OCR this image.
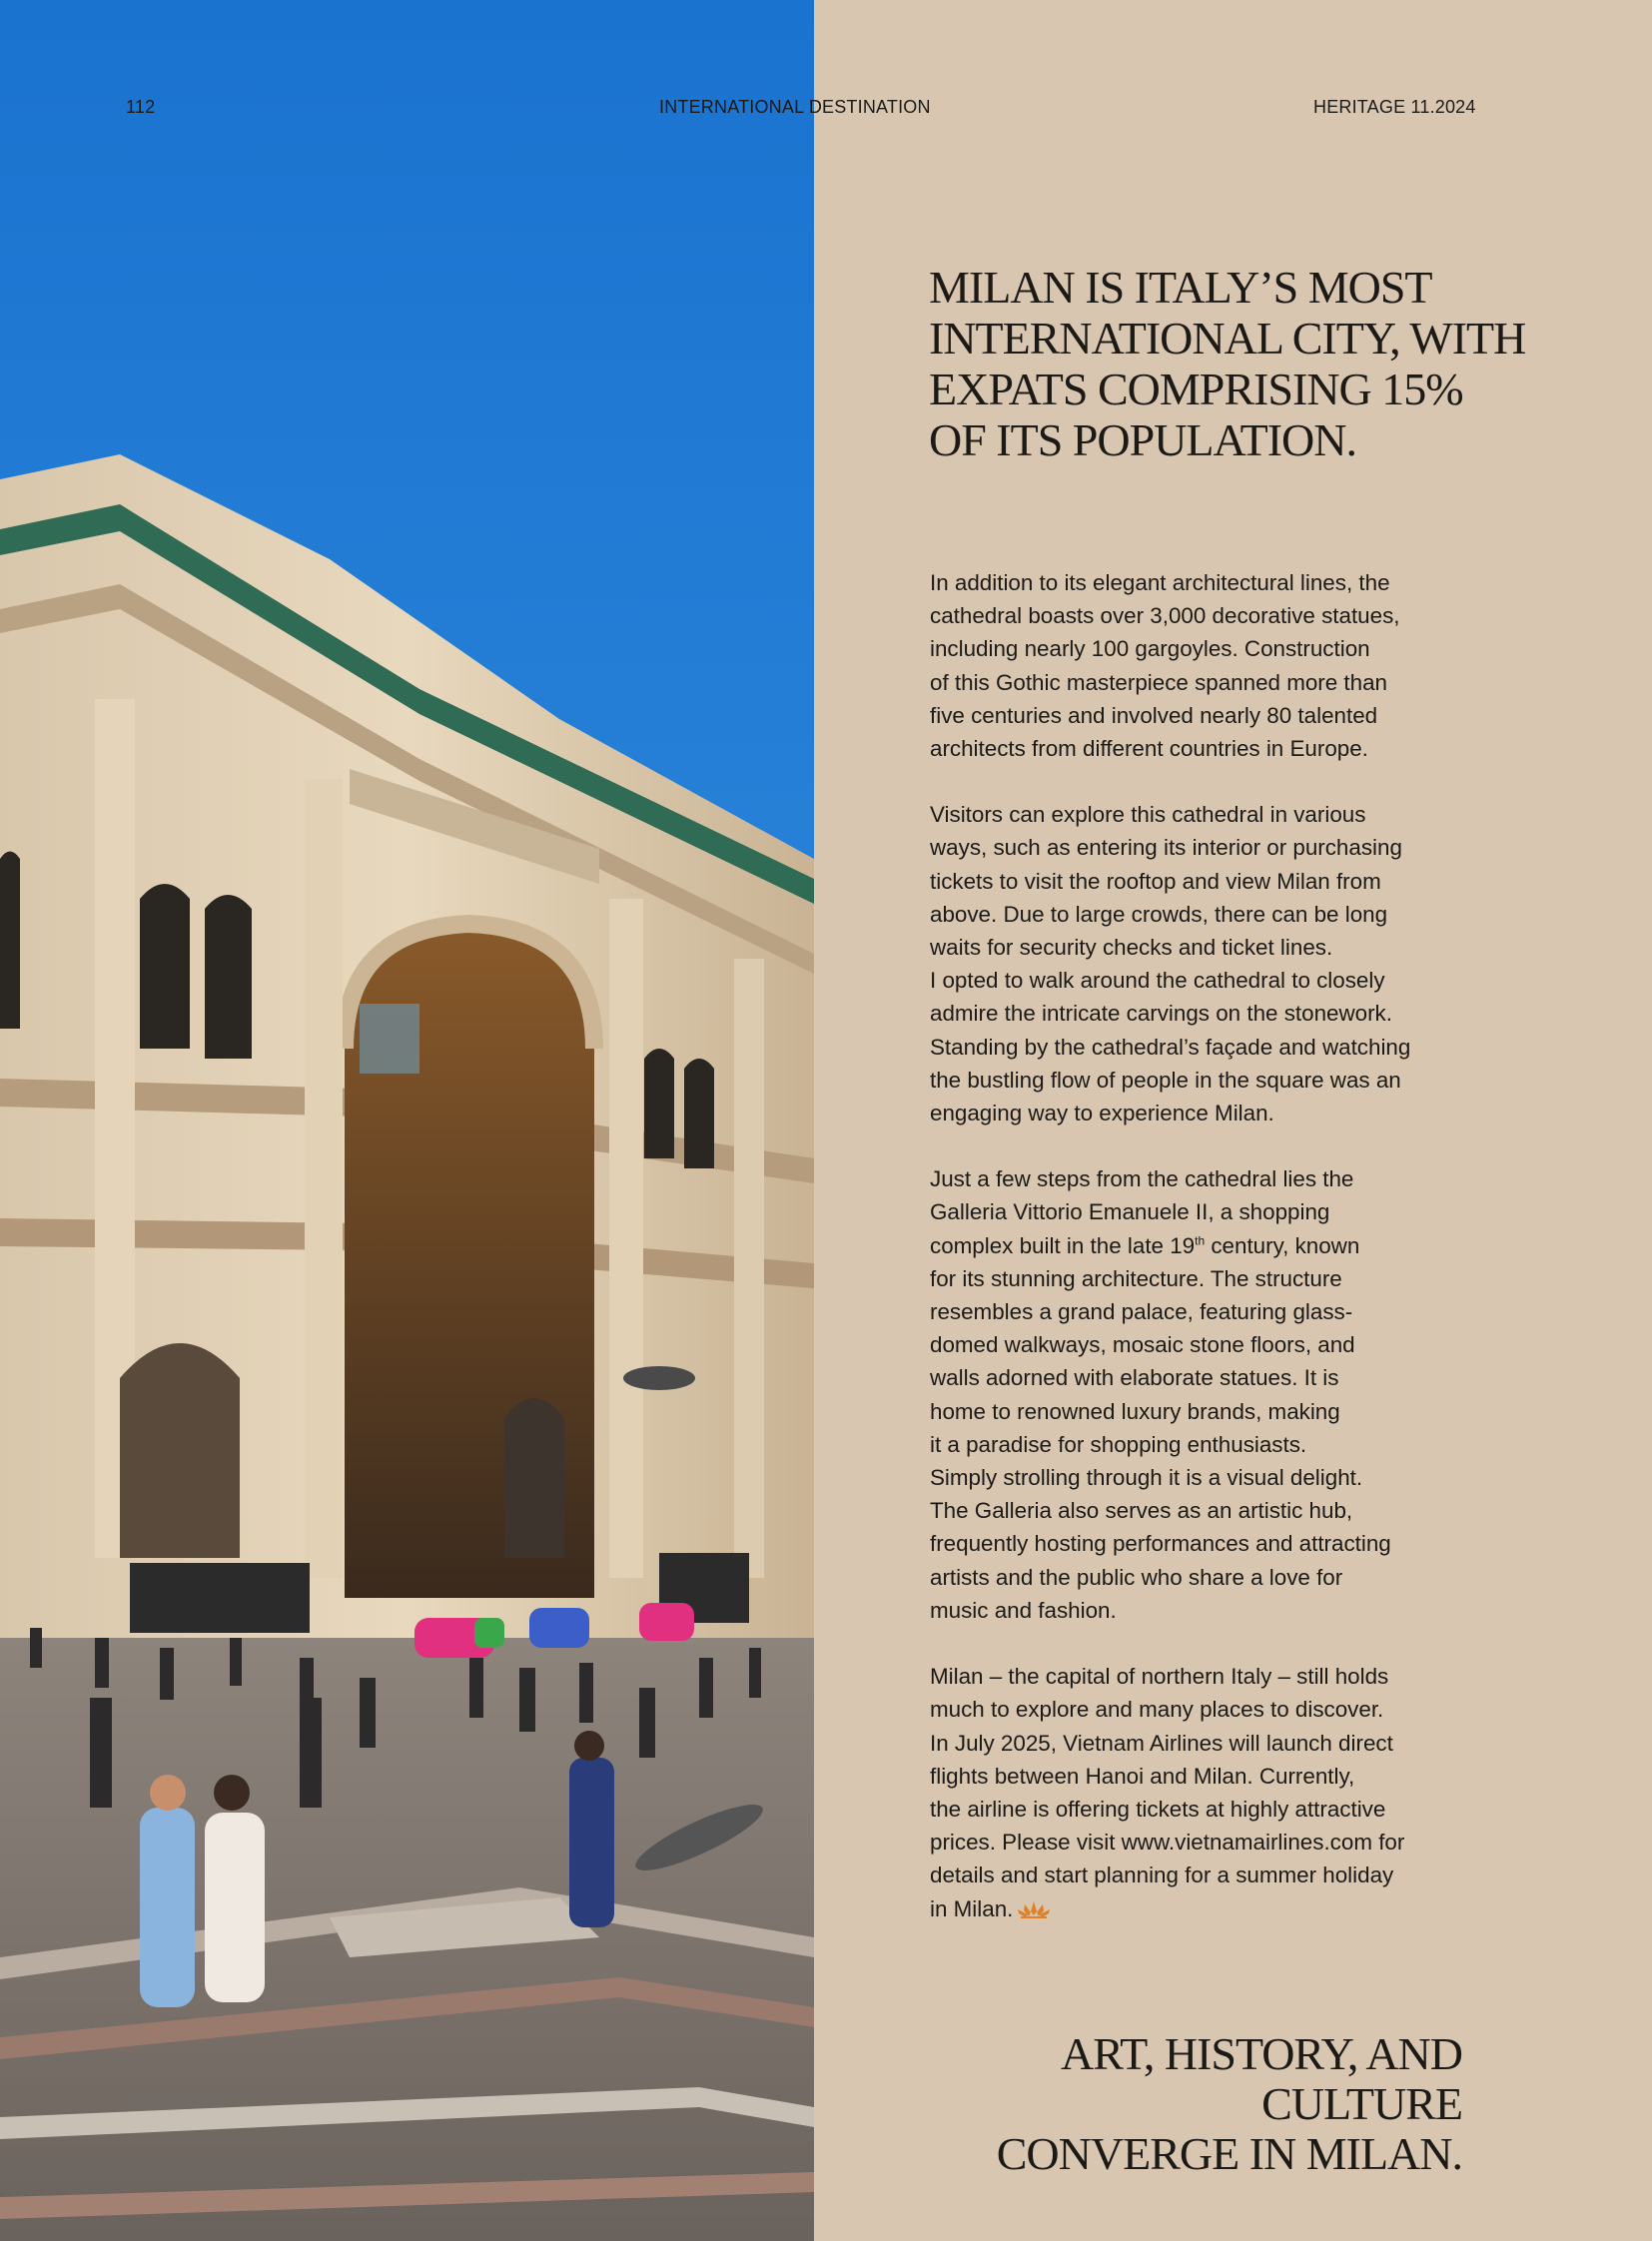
112	INTERNATIONAL DESTINATION	HERITAGE 11.2024
MILAN IS ITALY’S MOST
INTERNATIONAL CITY, WITH
EXPATS COMPRISING 15%
OF ITS POPULATION.

In addition to its elegant architectural lines, the
cathedral boasts over 3,000 decorative statues,
including nearly 100 gargoyles. Construction
of this Gothic masterpiece spanned more than
five centuries and involved nearly 80 talented
architects from different countries in Europe.

Visitors can explore this cathedral in various
ways, such as entering its interior or purchasing
tickets to visit the rooftop and view Milan from
above. Due to large crowds, there can be long
waits for security checks and ticket lines.
I opted to walk around the cathedral to closely
admire the intricate carvings on the stonework.
Standing by the cathedral’s façade and watching
the bustling flow of people in the square was an
engaging way to experience Milan.

Just a few steps from the cathedral lies the
Galleria Vittorio Emanuele II, a shopping
complex built in the late 19th century, known
for its stunning architecture. The structure
resembles a grand palace, featuring glass-
domed walkways, mosaic stone floors, and
walls adorned with elaborate statues. It is
home to renowned luxury brands, making
it a paradise for shopping enthusiasts.
Simply strolling through it is a visual delight.
The Galleria also serves as an artistic hub,
frequently hosting performances and attracting
artists and the public who share a love for
music and fashion.

Milan – the capital of northern Italy – still holds
much to explore and many places to discover.
In July 2025, Vietnam Airlines will launch direct
flights between Hanoi and Milan. Currently,
the airline is offering tickets at highly attractive
prices. Please visit www.vietnamairlines.com for
details and start planning for a summer holiday
in Milan.

ART, HISTORY, AND CULTURE
CONVERGE IN MILAN.
